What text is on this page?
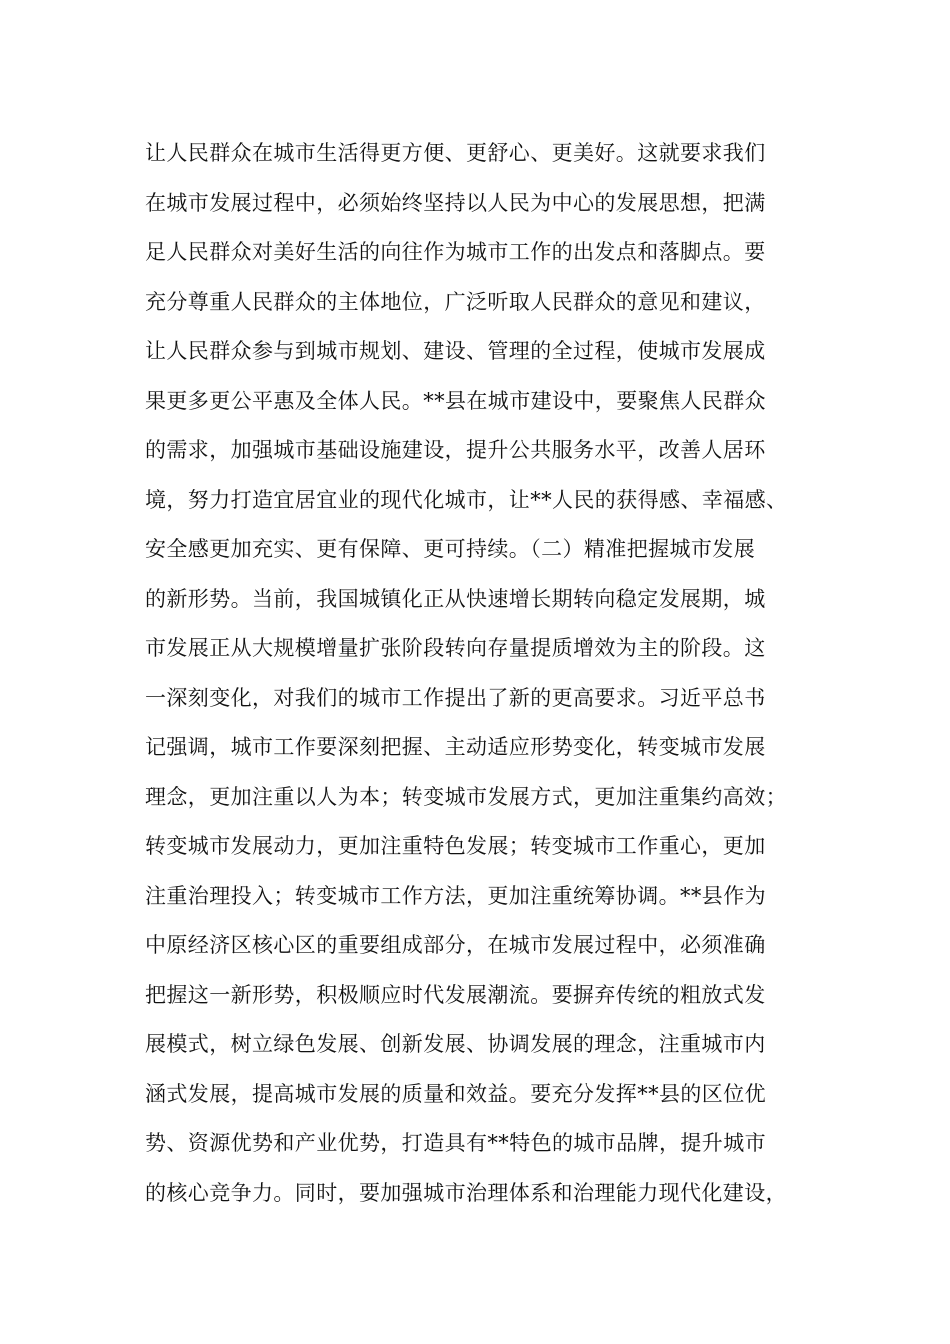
让人民群众在城市生活得更方便、更舒心、更美好。这就要求我们
在城市发展过程中，必须始终坚持以人民为中心的发展思想，把满
足人民群众对美好生活的向往作为城市工作的出发点和落脚点。要
充分尊重人民群众的主体地位，广泛听取人民群众的意见和建议，
让人民群众参与到城市规划、建设、管理的全过程，使城市发展成
果更多更公平惠及全体人民。**县在城市建设中，要聚焦人民群众
的需求，加强城市基础设施建设，提升公共服务水平，改善人居环
境，努力打造宜居宜业的现代化城市，让**人民的获得感、幸福感、
安全感更加充实、更有保障、更可持续。（二）精准把握城市发展
的新形势。当前，我国城镇化正从快速增长期转向稳定发展期，城
市发展正从大规模增量扩张阶段转向存量提质增效为主的阶段。这
一深刻变化，对我们的城市工作提出了新的更高要求。习近平总书
记强调，城市工作要深刻把握、主动适应形势变化，转变城市发展
理念，更加注重以人为本；转变城市发展方式，更加注重集约高效；
转变城市发展动力，更加注重特色发展；转变城市工作重心，更加
注重治理投入；转变城市工作方法，更加注重统筹协调。**县作为
中原经济区核心区的重要组成部分，在城市发展过程中，必须准确
把握这一新形势，积极顺应时代发展潮流。要摒弃传统的粗放式发
展模式，树立绿色发展、创新发展、协调发展的理念，注重城市内
涵式发展，提高城市发展的质量和效益。要充分发挥**县的区位优
势、资源优势和产业优势，打造具有**特色的城市品牌，提升城市
的核心竞争力。同时，要加强城市治理体系和治理能力现代化建设，
